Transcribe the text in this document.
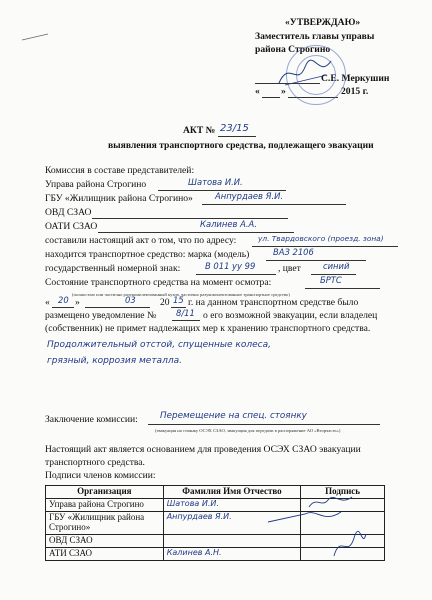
«УТВЕРЖДАЮ»
Заместитель главы управы
района Строгино
С.Е. Меркушин
« »	2015 г.
АКТ № 23/15
выявления транспортного средства, подлежащего эвакуации
Комиссия в составе представителей:
Управа района Строгино	Шатова И.И.
ГБУ «Жилищник района Строгино»	Анпурдаев Я.И.
ОВД СЗАО
ОАТИ СЗАО	Калинев А.А.
составили настоящий акт о том, что по адресу:	ул. Твардовского (проезд. зона)
находится транспортное средство: марка (модель)	ВАЗ 2106
государственный номерной знак:	В 011 уу 99 , цвет	синий
Состояние транспортного средства на момент осмотра:	БРТС
(полностью или частично разукомплектованный кузов, частично разукомплектованное транспортное средство)
« 20 »	03	20 15 г. на данном транспортном средстве было
размещено уведомление № 8/11 о его возможной эвакуации, если владелец
(собственник) не примет надлежащих мер к хранению транспортного средства.
Продолжительный отстой, спущенные колеса,
грязный, коррозия металла.
Заключение комиссии:	Перемещение на спец. стоянку
(эвакуация на стоянку ОСЭХ СЗАО, эвакуация для передачи в распоряжение АО «Вторчасть»)
Настоящий акт является основанием для проведения ОСЭХ СЗАО эвакуации
транспортного средства.
Подписи членов комиссии:
Организация	Фамилия Имя Отчество	Подпись
Управа района Строгино	Шатова И.И.	
ГБУ «Жилищник района Строгино»	Анпурдаев Я.И.	
ОВД СЗАО		
АТИ СЗАО	Калинев А.Н.	
